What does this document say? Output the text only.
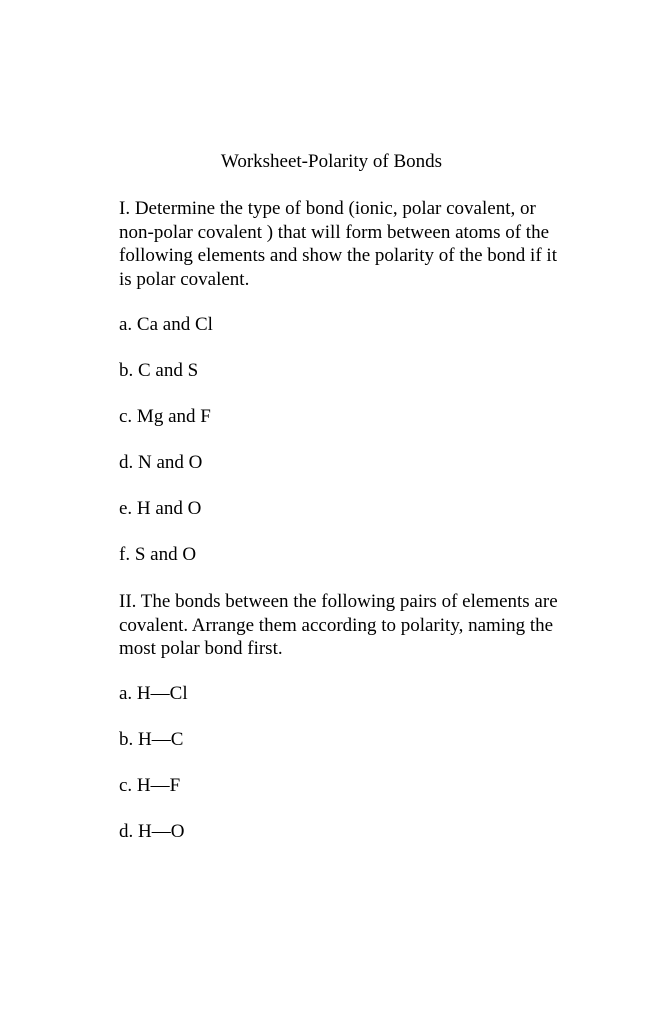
Worksheet-Polarity of Bonds

I. Determine the type of bond (ionic, polar covalent, or non-polar covalent ) that will form between atoms of the following elements and show the polarity of the bond if it is polar covalent.

a. Ca and Cl
b. C and S
c. Mg and F
d. N and O
e. H and O
f. S and O

II. The bonds between the following pairs of elements are covalent. Arrange them according to polarity, naming the most polar bond first.

a. H—Cl
b. H—C
c. H—F
d. H—O
